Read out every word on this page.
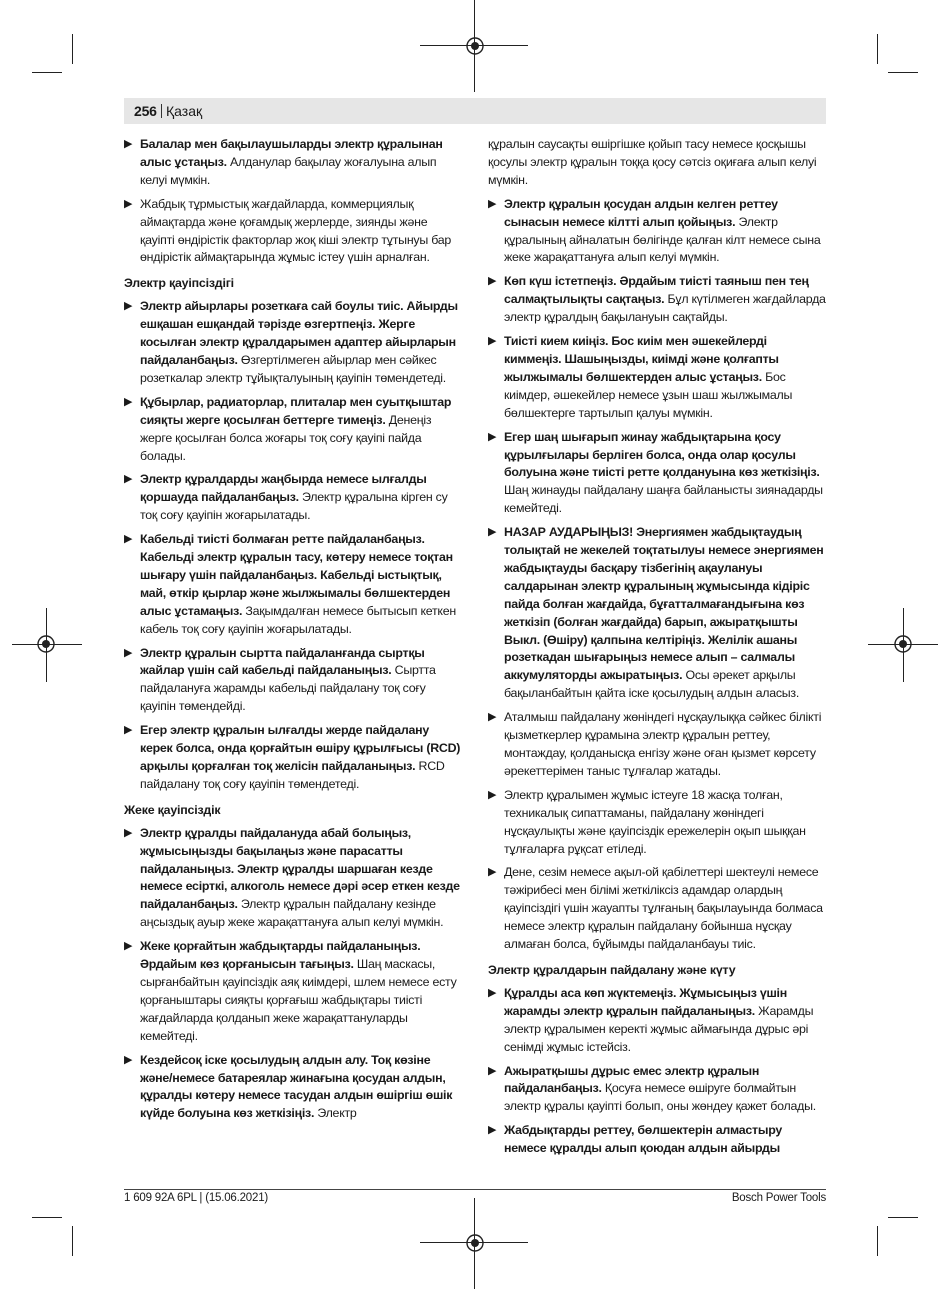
256 Қазақ
▶ Балалар мен бақылаушыларды электр құралынан алыс ұстаңыз. Алданулар бақылау жоғалуына алып келуі мүмкін.
▶ Жабдық тұрмыстық жағдайларда, коммерциялық аймақтарда және қоғамдық жерлерде, зиянды және қауіпті өндірістік факторлар жоқ кіші электр тұтынуы бар өндірістік аймақтарында жұмыс істеу үшін арналған.
Электр қауіпсіздігі
▶ Электр айырлары розеткаға сай боулы тиіс. Айырды ешқашан ешқандай тәрізде өзгертпеңіз. Жерге косылған электр құралдарымен адаптер айырларын пайдаланбаңыз. Өзгертілмеген айырлар мен сәйкес розеткалар электр тұйықталуының қауіпін төмендетеді.
▶ Құбырлар, радиаторлар, плиталар мен суытқыштар сияқты жерге қосылған беттерге тимеңіз. Денеңіз жерге қосылған болса жоғары тоқ соғу қауіпі пайда болады.
▶ Электр құралдарды жаңбырда немесе ылғалды қоршауда пайдаланбаңыз. Электр құралына кірген су тоқ соғу қауіпін жоғарылатады.
▶ Кабельді тиісті болмаған ретте пайдаланбаңыз. Кабельді электр құралын тасу, көтеру немесе тоқтан шығару үшін пайдаланбаңыз. Кабельді ыстықтық, май, өткір қырлар және жылжымалы бөлшектерден алыс ұстамаңыз. Зақымдалған немесе бытысып кеткен кабель тоқ соғу қауіпін жоғарылатады.
▶ Электр құралын сыртта пайдаланғанда сыртқы жайлар үшін сай кабельді пайдаланыңыз. Сыртта пайдалануға жарамды кабельді пайдалану тоқ соғу қауіпін төмендейді.
▶ Егер электр құралын ылғалды жерде пайдалану керек болса, онда қорғайтын өшіру құрылғысы (RCD) арқылы қорғалған тоқ желісін пайдаланыңыз. RCD пайдалану тоқ соғу қауіпін төмендетеді.
Жеке қауіпсіздік
▶ Электр құралды пайдалануда абай болыңыз, жұмысыңызды бақылаңыз және парасатты пайдаланыңыз. Электр құралды шаршаған кезде немесе есірткі, алкоголь немесе дәрі әсер еткен кезде пайдаланбаңыз. Электр құралын пайдалану кезінде аңсыздық ауыр жеке жарақаттануға алып келуі мүмкін.
▶ Жеке қорғайтын жабдықтарды пайдаланыңыз. Әрдайым көз қорғанысын тағыңыз. Шаң маскасы, сырғанбайтын қауіпсіздік аяқ киімдері, шлем немесе есту қорғаныштары сияқты қорғағыш жабдықтары тиісті жағдайларда қолданып жеке жарақаттануларды кемейтеді.
▶ Кездейсоқ іске қосылудың алдын алу. Тоқ көзіне және/немесе батареялар жинағына қосудан алдын, құралды көтеру немесе тасудан алдын өшіргіш өшік күйде болуына көз жеткізіңіз. Электр
құралын саусақты өшіргішке қойып тасу немесе қосқышы қосулы электр құралын тоққа қосу сәтсіз оқиғаға алып келуі мүмкін.
▶ Электр құралын қосудан алдын келген реттеу сынасын немесе кілтті алып қойыңыз. Электр құралының айналатын бөлігінде қалған кілт немесе сына жеке жарақаттануға алып келуі мүмкін.
▶ Көп күш істетпеңіз. Әрдайым тиісті таяныш пен тең салмақтылықты сақтаңыз. Бұл күтілмеген жағдайларда электр құралдың бақылануын сақтайды.
▶ Тиісті кием киіңіз. Бос киім мен әшекейлерді киммеңіз. Шашыңызды, киімді және қолғапты жылжымалы бөлшектерден алыс ұстаңыз. Бос киімдер, әшекейлер немесе ұзын шаш жылжымалы бөлшектерге тартылып қалуы мүмкін.
▶ Егер шаң шығарып жинау жабдықтарына қосу құрылғылары берліген болса, онда олар қосулы болуына және тиісті ретте қолдануына көз жеткізіңіз. Шаң жинауды пайдалану шаңға байланысты зиянадарды кемейтеді.
▶ НАЗАР АУДАРЫҢЫЗ! Энергиямен жабдықтаудың толықтай не жекелей тоқтатылуы немесе энергиямен жабдықтауды басқару тізбегінің ақаулануы салдарынан электр құралының жұмысында кідіріс пайда болған жағдайда, бұғатталмағандығына көз жеткізіп (болған жағдайда) барып, ажыратқышты Выкл. (Өшіру) қалпына келтіріңіз. Желілік ашаны розеткадан шығарыңыз немесе алып – салмалы аккумуляторды ажыратыңыз. Осы әрекет арқылы бақыланбайтын қайта іске қосылудың алдын аласыз.
▶ Аталмыш пайдалану жөніндегі нұсқаулыққа сәйкес білікті қызметкерлер құрамына электр құралын реттеу, монтаждау, қолданысқа енгізу және оған қызмет көрсету әрекеттерімен таныс тұлғалар жатады.
▶ Электр құралымен жұмыс істеуге 18 жасқа толған, техникалық сипаттаманы, пайдалану жөніндегі нұсқаулықты және қауіпсіздік ережелерін оқып шыққан тұлғаларға рұқсат етіледі.
▶ Дене, сезім немесе ақыл-ой қабілеттері шектеулі немесе тәжірибесі мен білімі жеткіліксіз адамдар олардың қауіпсіздігі үшін жауапты тұлғаның бақылауында болмаса немесе электр құралын пайдалану бойынша нұсқау алмаған болса, бұйымды пайдаланбауы тиіс.
Электр құралдарын пайдалану және күту
▶ Құралды аса көп жүктемеңіз. Жұмысыңыз үшін жарамды электр құралын пайдаланыңыз. Жарамды электр құралымен керекті жұмыс аймағында дұрыс әрі сенімді жұмыс істейсіз.
▶ Ажыратқышы дұрыс емес электр құралын пайдаланбаңыз. Қосуға немесе өшіруге болмайтын электр құралы қауіпті болып, оны жөндеу қажет болады.
▶ Жабдықтарды реттеу, бөлшектерін алмастыру немесе құралды алып қоюдан алдын айырды
1 609 92A 6PL | (15.06.2021)	Bosch Power Tools
